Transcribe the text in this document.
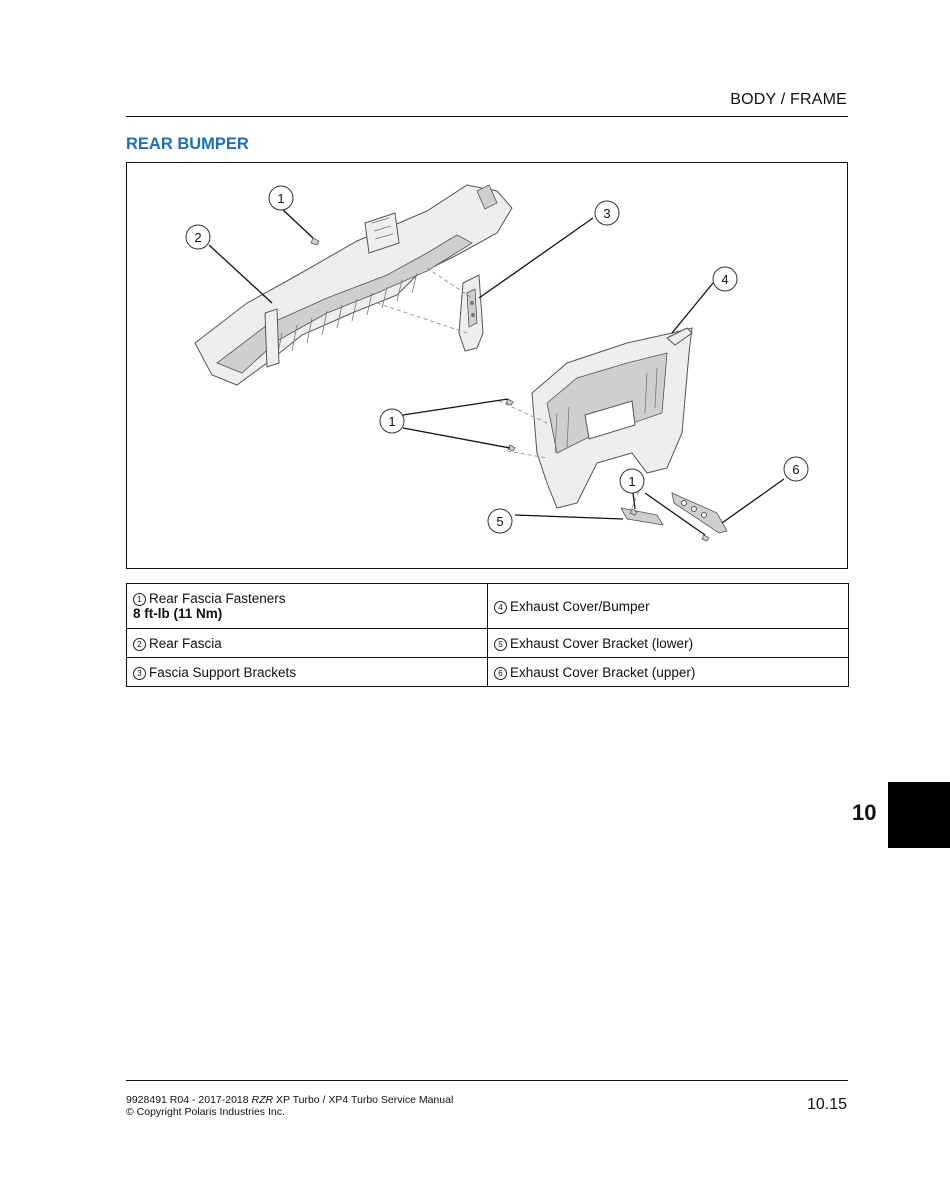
BODY / FRAME
REAR BUMPER
1
2
3
4
1
6
1
5
1 Rear Fascia Fasteners
8 ft-lb (11 Nm)	4 Exhaust Cover/Bumper
2 Rear Fascia	5 Exhaust Cover Bracket (lower)
3 Fascia Support Brackets	6 Exhaust Cover Bracket (upper)
10
9928491 R04 - 2017-2018 RZR XP Turbo / XP4 Turbo Service Manual
© Copyright Polaris Industries Inc.	10.15
